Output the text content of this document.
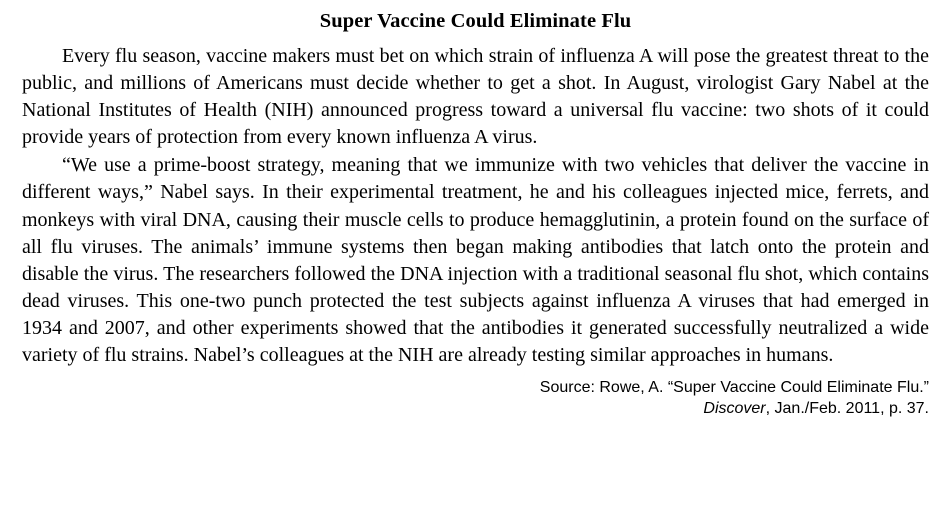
Super Vaccine Could Eliminate Flu

Every flu season, vaccine makers must bet on which strain of influenza A will pose the greatest threat to the public, and millions of Americans must decide whether to get a shot. In August, virologist Gary Nabel at the National Institutes of Health (NIH) announced progress toward a universal flu vaccine: two shots of it could provide years of protection from every known influenza A virus.

“We use a prime-boost strategy, meaning that we immunize with two vehicles that deliver the vaccine in different ways,” Nabel says. In their experimental treatment, he and his colleagues injected mice, ferrets, and monkeys with viral DNA, causing their muscle cells to produce hemagglutinin, a protein found on the surface of all flu viruses. The animals’ immune systems then began making antibodies that latch onto the protein and disable the virus. The researchers followed the DNA injection with a traditional seasonal flu shot, which contains dead viruses. This one-two punch protected the test subjects against influenza A viruses that had emerged in 1934 and 2007, and other experiments showed that the antibodies it generated successfully neutralized a wide variety of flu strains. Nabel’s colleagues at the NIH are already testing similar approaches in humans.

Source: Rowe, A. “Super Vaccine Could Eliminate Flu.”
Discover, Jan./Feb. 2011, p. 37.
